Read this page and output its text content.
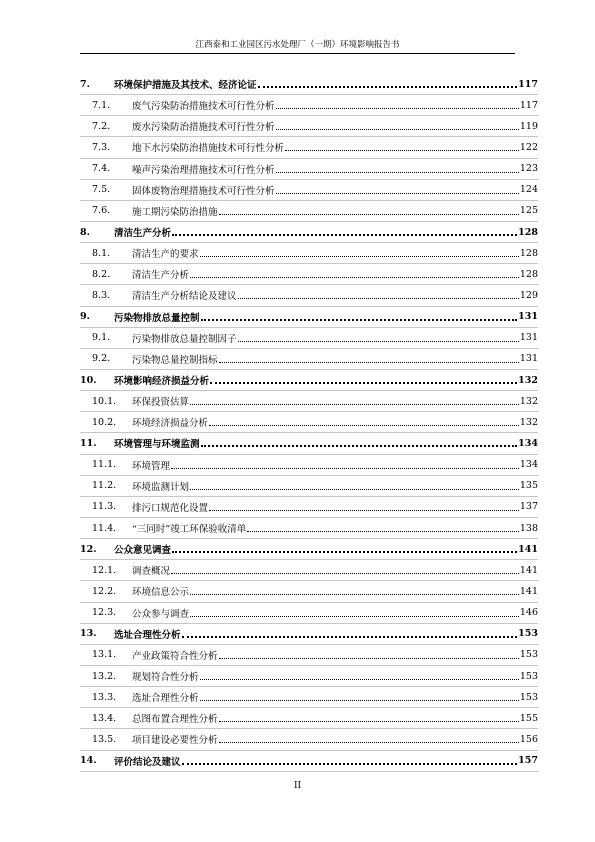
江西泰和工业园区污水处理厂（一期）环境影响报告书
7.	环境保护措施及其技术、经济论证	117
7.1.	废气污染防治措施技术可行性分析	117
7.2.	废水污染防治措施技术可行性分析	119
7.3.	地下水污染防治措施技术可行性分析	122
7.4.	噪声污染治理措施技术可行性分析	123
7.5.	固体废物治理措施技术可行性分析	124
7.6.	施工期污染防治措施	125
8.	清洁生产分析	128
8.1.	清洁生产的要求	128
8.2.	清洁生产分析	128
8.3.	清洁生产分析结论及建议	129
9.	污染物排放总量控制	131
9.1.	污染物排放总量控制因子	131
9.2.	污染物总量控制指标	131
10.	环境影响经济损益分析	132
10.1.	环保投资估算	132
10.2.	环境经济损益分析	132
11.	环境管理与环境监测	134
11.1.	环境管理	134
11.2.	环境监测计划	135
11.3.	排污口规范化设置	137
11.4.	“三同时”竣工环保验收清单	138
12.	公众意见调查	141
12.1.	调查概况	141
12.2.	环境信息公示	141
12.3.	公众参与调查	146
13.	选址合理性分析	153
13.1.	产业政策符合性分析	153
13.2.	规划符合性分析	153
13.3.	选址合理性分析	153
13.4.	总图布置合理性分析	155
13.5.	项目建设必要性分析	156
14.	评价结论及建议	157
II
